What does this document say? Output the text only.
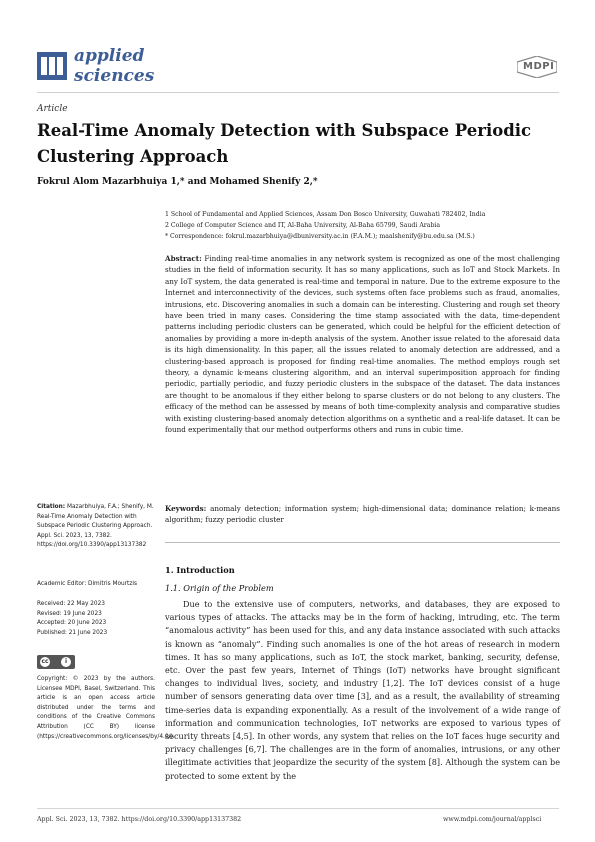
applied
sciences	MDPI
Article
Real-Time Anomaly Detection with Subspace Periodic Clustering Approach
Fokrul Alom Mazarbhuiya 1,* and Mohamed Shenify 2,*
1 School of Fundamental and Applied Sciences, Assam Don Bosco University, Guwahati 782402, India
2 College of Computer Science and IT, Al-Baha University, Al-Baha 65799, Saudi Arabia
* Correspondence: fokrul.mazarbhuiya@dbuniversity.ac.in (F.A.M.); maalshenify@bu.edu.sa (M.S.)
Abstract: Finding real-time anomalies in any network system is recognized as one of the most challenging studies in the field of information security. It has so many applications, such as IoT and Stock Markets. In any IoT system, the data generated is real-time and temporal in nature. Due to the extreme exposure to the Internet and interconnectivity of the devices, such systems often face problems such as fraud, anomalies, intrusions, etc. Discovering anomalies in such a domain can be interesting. Clustering and rough set theory have been tried in many cases. Considering the time stamp associated with the data, time-dependent patterns including periodic clusters can be generated, which could be helpful for the efficient detection of anomalies by providing a more in-depth analysis of the system. Another issue related to the aforesaid data is its high dimensionality. In this paper, all the issues related to anomaly detection are addressed, and a clustering-based approach is proposed for finding real-time anomalies. The method employs rough set theory, a dynamic k-means clustering algorithm, and an interval superimposition approach for finding periodic, partially periodic, and fuzzy periodic clusters in the subspace of the dataset. The data instances are thought to be anomalous if they either belong to sparse clusters or do not belong to any clusters. The efficacy of the method can be assessed by means of both time-complexity analysis and comparative studies with existing clustering-based anomaly detection algorithms on a synthetic and a real-life dataset. It can be found experimentally that our method outperforms others and runs in cubic time.
Keywords: anomaly detection; information system; high-dimensional data; dominance relation; k-means algorithm; fuzzy periodic cluster
1. Introduction
1.1. Origin of the Problem
Due to the extensive use of computers, networks, and databases, they are exposed to various types of attacks. The attacks may be in the form of hacking, intruding, etc. The term “anomalous activity” has been used for this, and any data instance associated with such attacks is known as “anomaly”. Finding such anomalies is one of the hot areas of research in modern times. It has so many applications, such as IoT, the stock market, banking, security, defense, etc. Over the past few years, Internet of Things (IoT) networks have brought significant changes to individual lives, society, and industry [1,2]. The IoT devices consist of a huge number of sensors generating data over time [3], and as a result, the availability of streaming time-series data is expanding exponentially. As a result of the involvement of a wide range of information and communication technologies, IoT networks are exposed to various types of security threats [4,5]. In other words, any system that relies on the IoT faces huge security and privacy challenges [6,7]. The challenges are in the form of anomalies, intrusions, or any other illegitimate activities that jeopardize the security of the system [8]. Although the system can be protected to some extent by the
Citation: Mazarbhuiya, F.A.; Shenify, M. Real-Time Anomaly Detection with Subspace Periodic Clustering Approach. Appl. Sci. 2023, 13, 7382. https://doi.org/10.3390/app13137382
Academic Editor: Dimitris Mourtzis
Received: 22 May 2023
Revised: 19 June 2023
Accepted: 20 June 2023
Published: 21 June 2023
cc	i
Copyright: © 2023 by the authors. Licensee MDPI, Basel, Switzerland. This article is an open access article distributed under the terms and conditions of the Creative Commons Attribution (CC BY) license (https://creativecommons.org/licenses/by/4.0/).
Appl. Sci. 2023, 13, 7382. https://doi.org/10.3390/app13137382	www.mdpi.com/journal/applsci
